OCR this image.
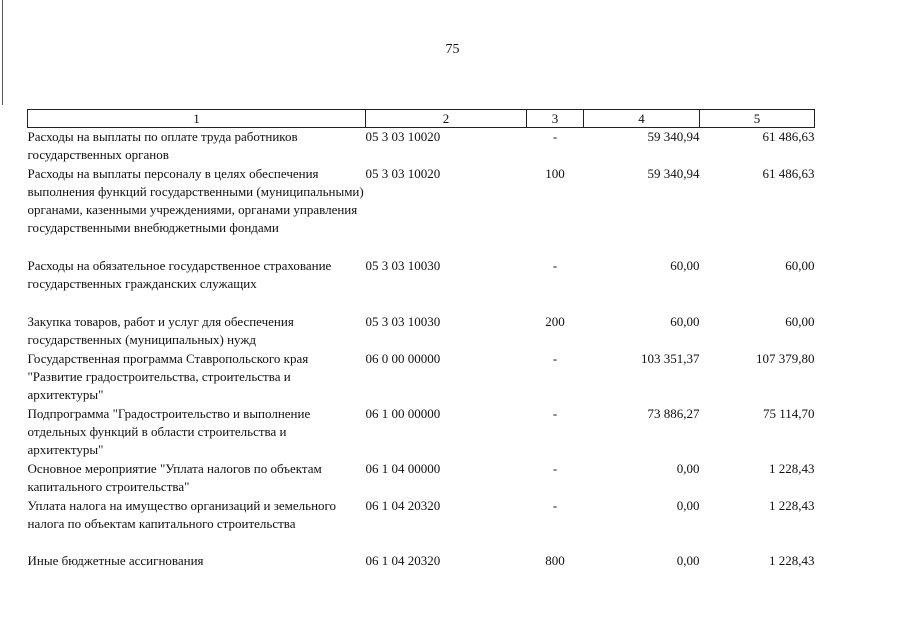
75
1	2	3	4	5
Расходы на выплаты по оплате труда работников государственных органов	05 3 03 10020	-	59 340,94	61 486,63
Расходы на выплаты персоналу в целях обеспечения выполнения функций государственными (муниципальными) органами, казенными учреждениями, органами управления государственными внебюджетными фондами	05 3 03 10020	100	59 340,94	61 486,63
Расходы на обязательное государственное страхование государственных гражданских служащих	05 3 03 10030	-	60,00	60,00
Закупка товаров, работ и услуг для обеспечения государственных (муниципальных) нужд	05 3 03 10030	200	60,00	60,00
Государственная программа Ставропольского края "Развитие градостроительства, строительства и архитектуры"	06 0 00 00000	-	103 351,37	107 379,80
Подпрограмма "Градостроительство и выполнение отдельных функций в области строительства и архитектуры"	06 1 00 00000	-	73 886,27	75 114,70
Основное мероприятие "Уплата налогов по объектам капитального строительства"	06 1 04 00000	-	0,00	1 228,43
Уплата налога на имущество организаций и земельного налога по объектам капитального строительства	06 1 04 20320	-	0,00	1 228,43
Иные бюджетные ассигнования	06 1 04 20320	800	0,00	1 228,43
